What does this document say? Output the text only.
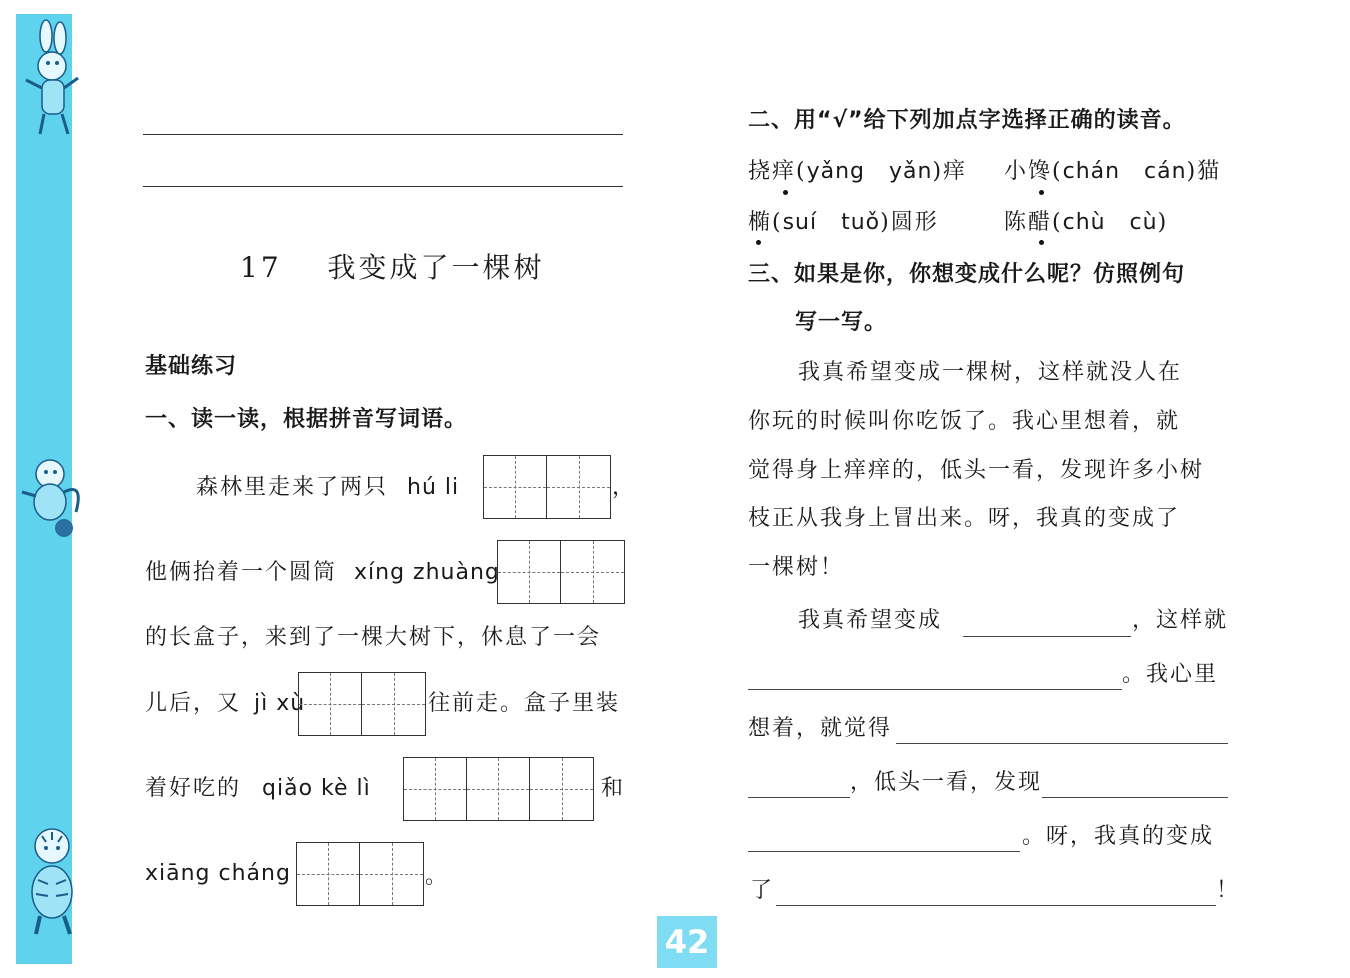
17 我变成了一棵树
基础练习
一、读一读，根据拼音写词语。
森林里走来了两只 hú li	，
他俩抬着一个圆筒 xíng zhuàng
的长盒子，来到了一棵大树下，休息了一会
儿后，又 jì xù	往前走。盒子里装
着好吃的 qiǎo kè lì	和
xiāng cháng	。
42
二、用“√”给下列加点字选择正确的读音。
挠痒(yǎng   yǎn)痒 小馋(chán   cán)猫
椭(suí   tuǒ)圆形	陈醋(chù   cù)
三、如果是你，你想变成什么呢？仿照例句
写一写。
我真希望变成一棵树，这样就没人在
你玩的时候叫你吃饭了。我心里想着，就
觉得身上痒痒的，低头一看，发现许多小树
枝正从我身上冒出来。呀，我真的变成了
一棵树！
我真希望变成	，这样就
。我心里
想着，就觉得
，低头一看，发现
。呀，我真的变成
了	！
